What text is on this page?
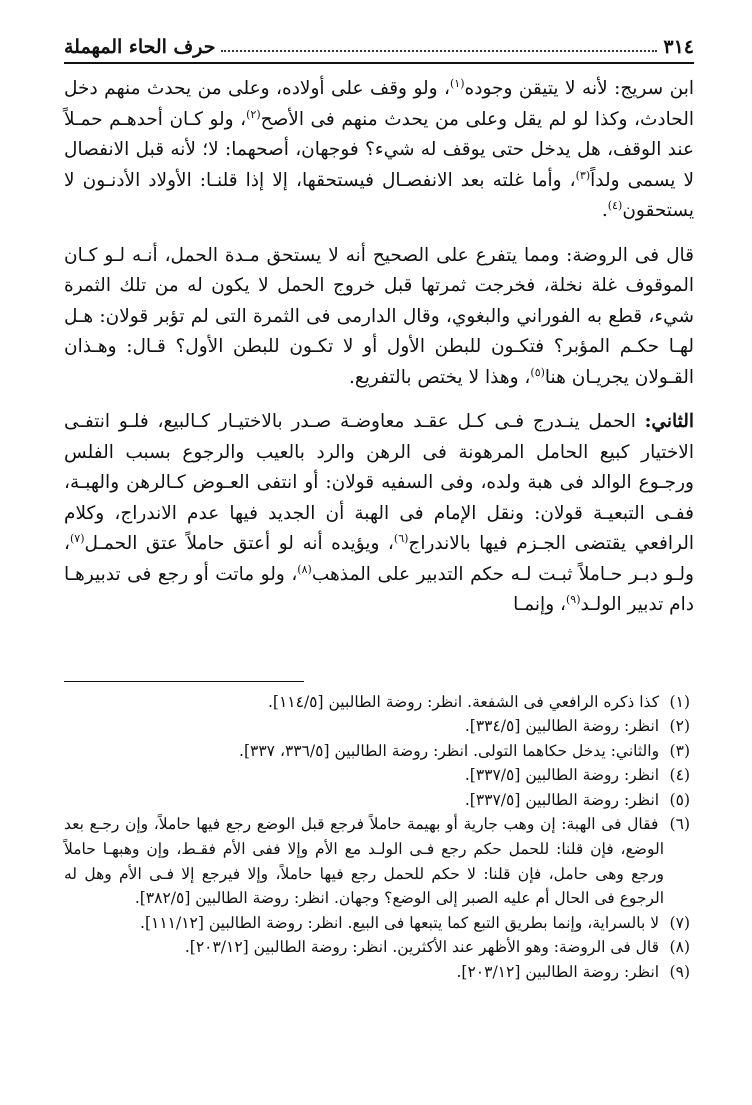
٣١٤
حرف الحاء المهملة

ابن سريج: لأنه لا يتيقن وجوده$^{(١)}$، ولو وقف على أولاده، وعلى من يحدث منهم دخل الحادث، وكذا لو لم يقل وعلى من يحدث منهم فى الأصح$^{(٢)}$، ولو كـان أحدهـم حمـلاً عند الوقف، هل يدخل حتى يوقف له شيء؟ فوجهان، أصحهما: لا؛ لأنه قبل الانفصال لا يسمى ولداً$^{(٣)}$، وأما غلته بعد الانفصـال فيستحقها، إلا إذا قلنـا: الأولاد الأدنـون لا يستحقون$^{(٤)}$.

قال فى الروضة: ومما يتفرع على الصحيح أنه لا يستحق مـدة الحمل، أنـه لـو كـان الموقوف غلة نخلة، فخرجت ثمرتها قبل خروج الحمل لا يكون له من تلك الثمرة شيء، قطع به الفوراني والبغوي، وقال الدارمى فى الثمرة التى لم تؤبر قولان: هـل لهـا حكـم المؤبر؟ فتكـون للبطن الأول أو لا تكـون للبطن الأول؟ قـال: وهـذان القـولان يجريـان هنا$^{(٥)}$، وهذا لا يختص بالتفريع.

الثاني: الحمل ينـدرج فـى كـل عقـد معاوضـة صـدر بالاختيـار كـالبيع، فلـو انتفـى الاختيار كبيع الحامل المرهونة فى الرهن والرد بالعيب والرجوع بسبب الفلس ورجـوع الوالد فى هبة ولده، وفى السفيه قولان: أو انتفى العـوض كـالرهن والهبـة، ففـى التبعيـة قولان: ونقل الإمام فى الهبة أن الجديد فيها عدم الاندراج، وكلام الرافعي يقتضى الجـزم فيها بالاندراج$^{(٦)}$، ويؤيده أنه لو أعتق حاملاً عتق الحمـل$^{(٧)}$، ولـو دبـر حـاملاً ثبـت لـه حكم التدبير على المذهب$^{(٨)}$، ولو ماتت أو رجع فى تدبيرهـا دام تدبير الولـد$^{(٩)}$، وإنمـا

(١) كذا ذكره الرافعي فى الشفعة. انظر: روضة الطالبين [١١٤/٥].

(٢) انظر: روضة الطالبين [٣٣٤/٥].

(٣) والثاني: يدخل حكاهما التولى. انظر: روضة الطالبين [٣٣٦/٥، ٣٣٧].

(٤) انظر: روضة الطالبين [٣٣٧/٥].

(٥) انظر: روضة الطالبين [٣٣٧/٥].

(٦) فقال فى الهبة: إن وهب جارية أو بهيمة حاملاً فرجع قبل الوضع رجع فيها حاملاً، وإن رجـع بعد الوضع، فإن قلنا: للحمل حكم رجع فـى الولـد مع الأم وإلا ففى الأم فقـط، وإن وهبهـا حاملاً ورجع وهى حامل، فإن قلنا: لا حكم للحمل رجع فيها حاملاً، وإلا فيرجع إلا فـى الأم وهل له الرجوع فى الحال أم عليه الصبر إلى الوضع؟ وجهان. انظر: روضة الطالبين [٣٨٢/٥].

(٧) لا بالسراية، وإنما بطريق التبع كما يتبعها فى البيع. انظر: روضة الطالبين [١١١/١٢].

(٨) قال فى الروضة: وهو الأظهر عند الأكثرين. انظر: روضة الطالبين [٢٠٣/١٢].

(٩) انظر: روضة الطالبين [٢٠٣/١٢].
